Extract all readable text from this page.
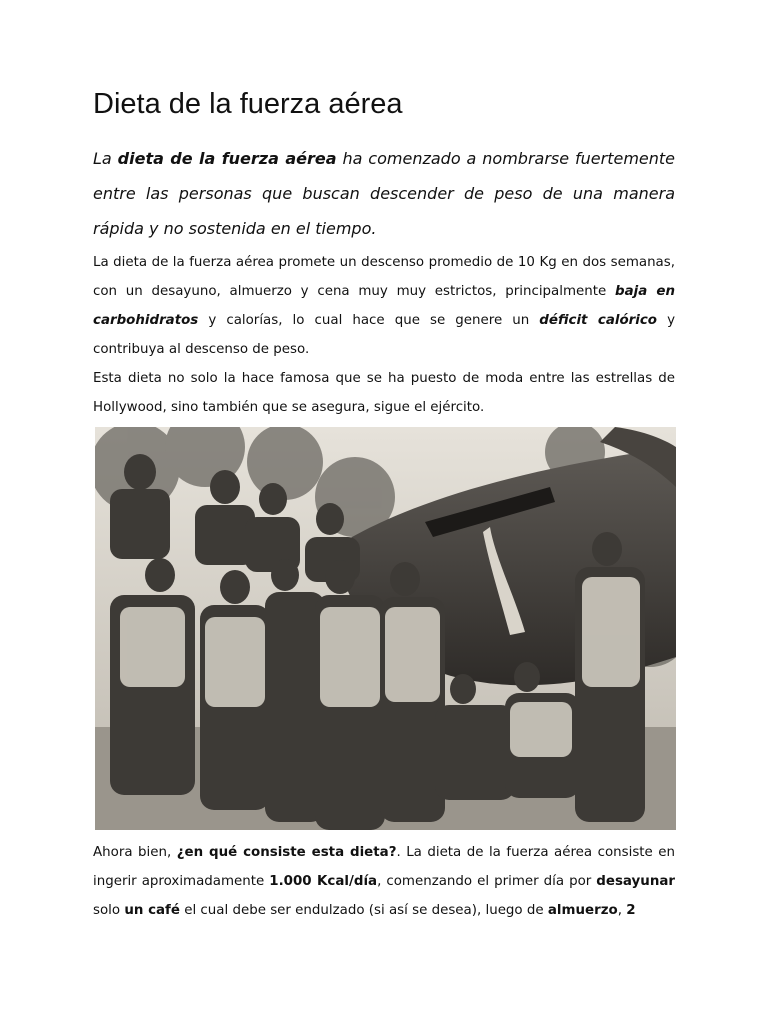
Dieta de la fuerza aérea

La dieta de la fuerza aérea ha comenzado a nombrarse fuertemente entre las personas que buscan descender de peso de una manera rápida y no sostenida en el tiempo.

La dieta de la fuerza aérea promete un descenso promedio de 10 Kg en dos semanas, con un desayuno, almuerzo y cena muy muy estrictos, principalmente baja en carbohidratos y calorías, lo cual hace que se genere un déficit calórico y contribuya al descenso de peso.

Esta dieta no solo la hace famosa que se ha puesto de moda entre las estrellas de Hollywood, sino también que se asegura, sigue el ejército.

Ahora bien, ¿en qué consiste esta dieta?. La dieta de la fuerza aérea consiste en ingerir aproximadamente 1.000 Kcal/día, comenzando el primer día por desayunar solo un café el cual debe ser endulzado (si así se desea), luego de almuerzo, 2
